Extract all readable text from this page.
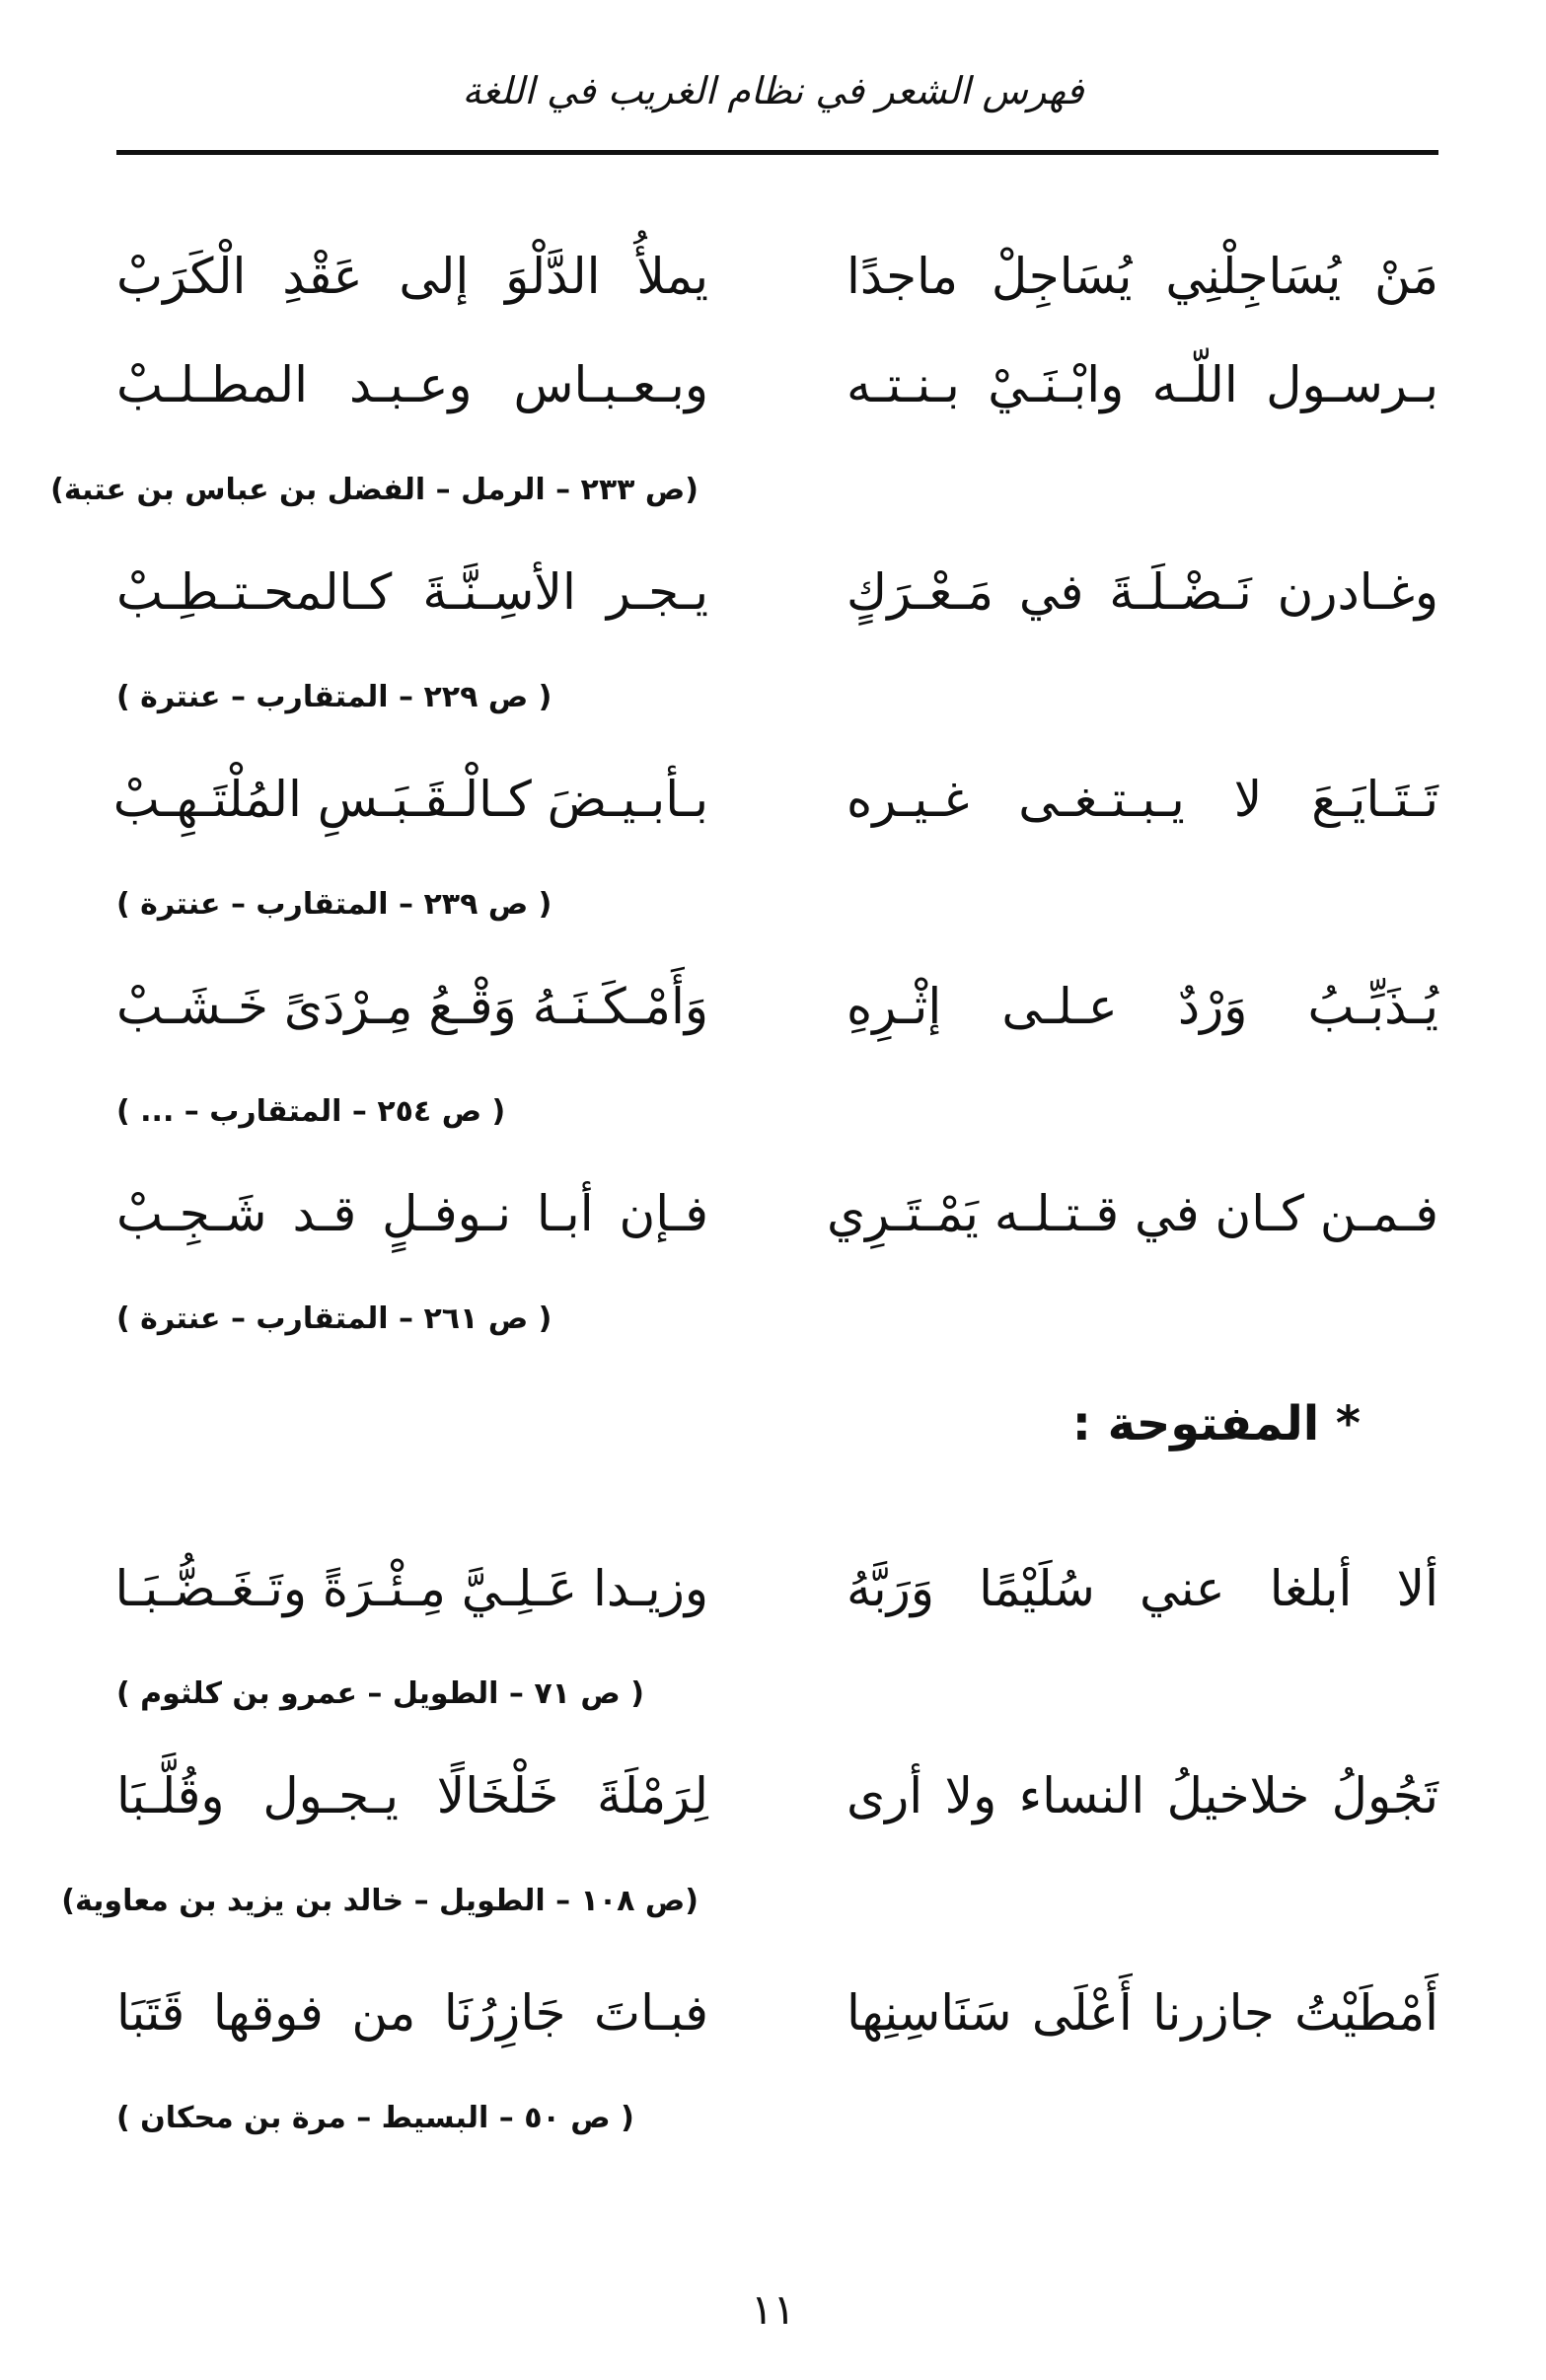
فهرس الشعر في نظام الغريب في اللغة
مَنْ يُسَاجِلْنِي يُسَاجِلْ ماجدًا
يملأُ الدَّلْوَ إلى عَقْدِ الْكَرَبْ
بـرسـول اللّـه وابْـنَـيْ بـنـتـه
وبـعـبـاس وعـبـد المطـلـبْ
(ص ٢٣٣ – الرمل – الفضل بن عباس بن عتبة)
وغـادرن نَـضْـلَـةَ في مَـعْـرَكٍ
يـجـر الأسِـنَّـةَ كـالمحـتـطِـبْ
( ص ٢٢٩ – المتقارب – عنترة )
تَـتَـايَـعَ لا يـبـتـغـى غـيـره
بـأبـيـضَ كـالْـقَـبَـسِ المُلْتَـهِـبْ
( ص ٢٣٩ – المتقارب – عنترة )
يُـذَبِّـبُ وَرْدٌ عـلـى إثْـرِهِ
وَأَمْـكَـنَـهُ وَقْـعُ مِـرْدَىً خَـشَـبْ
( ص ٢٥٤ – المتقارب – ... )
فـمـن كـان في قـتـلـه يَمْـتَـرِي
فـإن أبـا نـوفـلٍ قـد شَـجِـبْ
( ص ٢٦١ – المتقارب – عنترة )
* المفتوحة :
ألا أبلغا عني سُلَيْمًا وَرَبَّهُ
وزيـدا عَـلِـيَّ مِـئْـرَةً وتَـغَـضُّـبَـا
( ص ٧١ – الطويل – عمرو بن كلثوم )
تَجُولُ خلاخيلُ النساء ولا أرى
لِرَمْلَةَ خَلْخَالًا يـجـول وقُلَّـبَا
(ص ١٠٨ – الطويل – خالد بن يزيد بن معاوية)
أَمْطَيْتُ جازرنا أَعْلَى سَنَاسِنِها
فبـاتَ جَازِرُنَا من فوقها قَتَبَا
( ص ٥٠ – البسيط – مرة بن محكان )
١١
